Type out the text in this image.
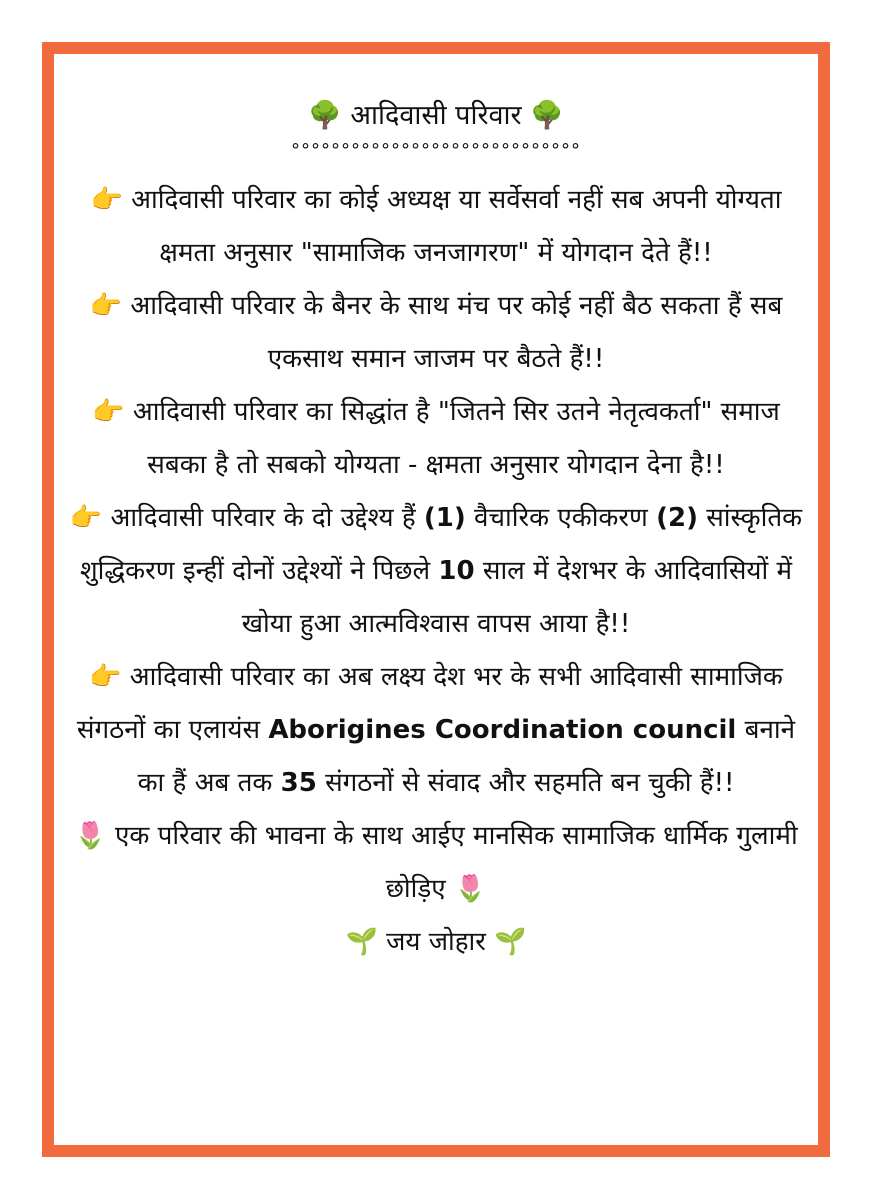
🌳 आदिवासी परिवार 🌳
°°°°°°°°°°°°°°°°°°°°°°°°°°°°°
👉 आदिवासी परिवार का कोई अध्यक्ष या सर्वेसर्वा नहीं सब अपनी योग्यता क्षमता अनुसार "सामाजिक जनजागरण" में योगदान देते हैं!!
👉 आदिवासी परिवार के बैनर के साथ मंच पर कोई नहीं बैठ सकता हैं सब एकसाथ समान जाजम पर बैठते हैं!!
👉 आदिवासी परिवार का सिद्धांत है "जितने सिर उतने नेतृत्वकर्ता" समाज सबका है तो सबको योग्यता - क्षमता अनुसार योगदान देना है!!
👉 आदिवासी परिवार के दो उद्देश्य हैं (1) वैचारिक एकीकरण (2) सांस्कृतिक शुद्धिकरण इन्हीं दोनों उद्देश्यों ने पिछले 10 साल में देशभर के आदिवासियों में खोया हुआ आत्मविश्वास वापस आया है!!
👉 आदिवासी परिवार का अब लक्ष्य देश भर के सभी आदिवासी सामाजिक संगठनों का एलायंस Aborigines Coordination council बनाने का हैं अब तक 35 संगठनों से संवाद और सहमति बन चुकी हैं!!
🌷 एक परिवार की भावना के साथ आईए मानसिक सामाजिक धार्मिक गुलामी छोड़िए 🌷
🌱 जय जोहार 🌱
